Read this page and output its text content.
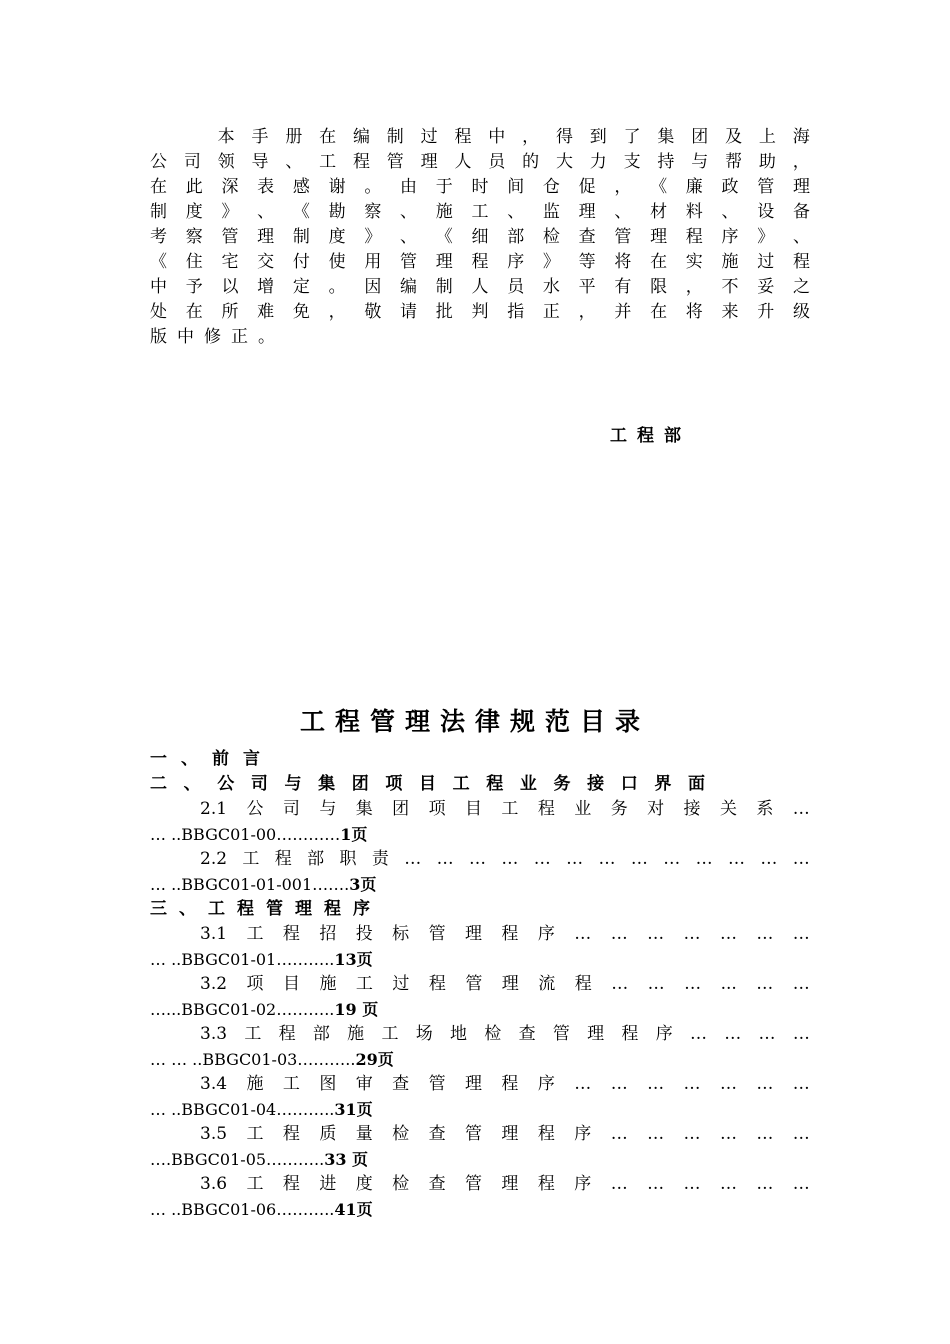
本 手 册 在 编 制 过 程 中 ， 得 到 了 集 团 及 上 海
公 司 领 导 、 工 程 管 理 人 员 的 大 力 支 持 与 帮 助 ，
在 此 深 表 感 谢 。 由 于 时 间 仓 促 ， 《 廉 政 管 理
制 度 》 、 《 勘 察 、 施 工 、 监 理 、 材 料 、 设 备
考 察 管 理 制 度 》 、 《 细 部 检 查 管 理 程 序 》 、
《 住 宅 交 付 使 用 管 理 程 序 》 等 将 在 实 施 过 程
中 予 以 增 定 。 因 编 制 人 员 水 平 有 限 ， 不 妥 之
处 在 所 难 免 ， 敬 请 批 判 指 正 ， 并 在 将 来 升 级
版 中 修 正 。
工程部
工程管理法律规范目录
一 、 前 言
二 、 公 司 与 集 团 项 目 工 程 业 务 接 口 界 面
2.1 公 司 与 集 团 项 目 工 程 业 务 对 接 关 系 …
… ..BBGC01-00…………1页
2.2 工 程 部 职 责 … … … … … … … … … … … … …
… ..BBGC01-01-001…….3页
三 、 工 程 管 理 程 序
3.1 工 程 招 投 标 管 理 程 序 … … … … … … …
… ..BBGC01-01………..13页
3.2 项 目 施 工 过 程 管 理 流 程 … … … ... … …
…...BBGC01-02………..19 页
3.3 工 程 部 施 工 场 地 检 查 管 理 程 序 … … … …
… … ..BBGC01-03………..29页
3.4 施 工 图 审 查 管 理 程 序 … … … … … … …
… ..BBGC01-04………..31页
3.5 工 程 质 量 检 查 管 理 程 序 … … … … … …
….BBGC01-05………..33 页
3.6 工 程 进 度 检 查 管 理 程 序 … … … … … …
… ..BBGC01-06………..41页
